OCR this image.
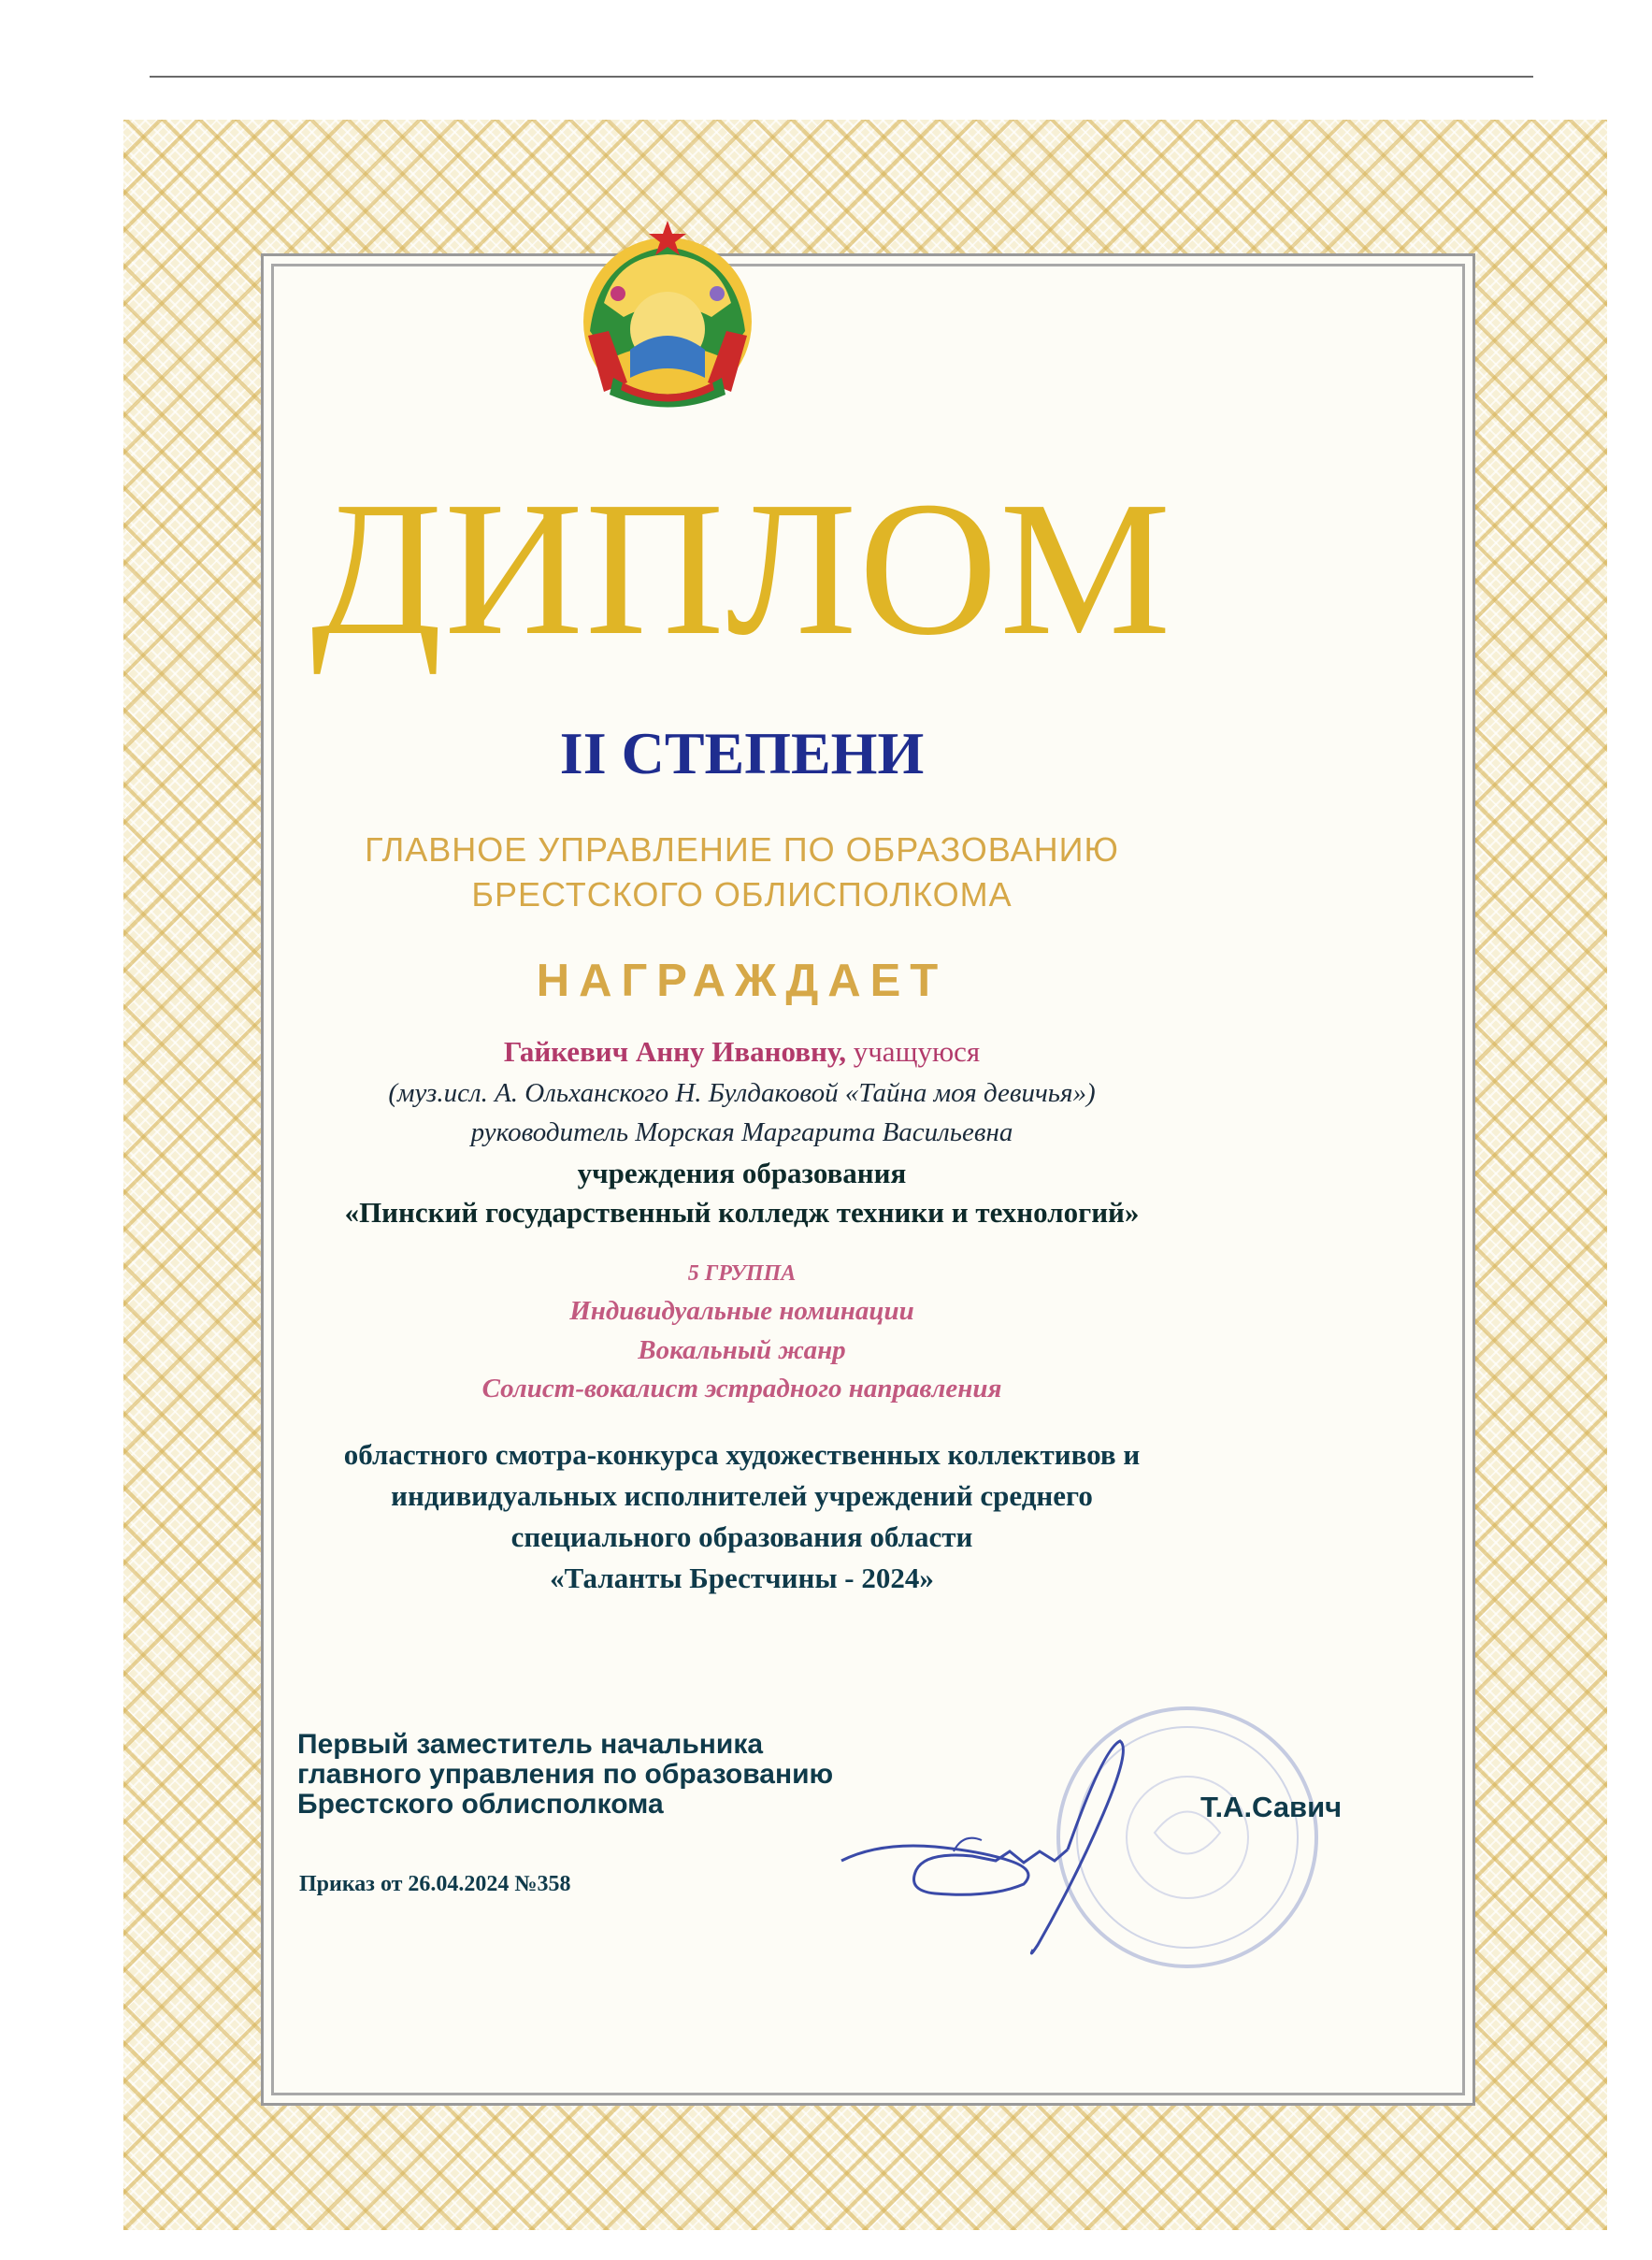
ДИПЛОМ
II СТЕПЕНИ
ГЛАВНОЕ УПРАВЛЕНИЕ ПО ОБРАЗОВАНИЮ
БРЕСТСКОГО ОБЛИСПОЛКОМА
НАГРАЖДАЕТ
Гайкевич Анну Ивановну, учащуюся
(муз.исл. А. Ольханского Н. Булдаковой «Тайна моя девичья»)
руководитель Морская Маргарита Васильевна
учреждения образования
«Пинский государственный колледж техники и технологий»
5 ГРУППА
Индивидуальные номинации
Вокальный жанр
Солист-вокалист эстрадного направления
областного смотра-конкурса художественных коллективов и
индивидуальных исполнителей учреждений среднего
специального образования области
«Таланты Брестчины - 2024»
Первый заместитель начальника
главного управления по образованию
Брестского облисполкома	Т.А.Савич
Приказ от 26.04.2024 №358
